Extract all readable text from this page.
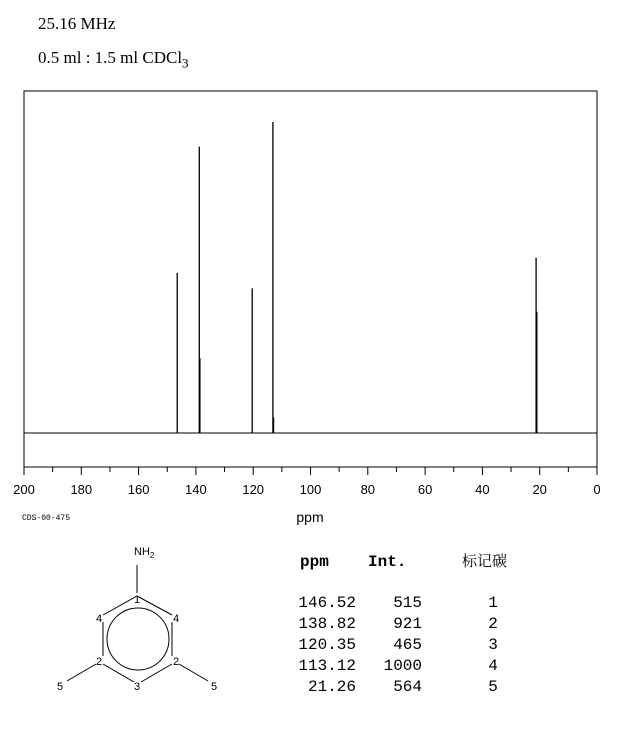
25.16 MHz
0.5 ml : 1.5 ml CDCl$_3$
200	180	160	140	120	100	80	60	40	20	0
ppm
CDS-00-475
$NH_2$
1
2	2
3
4	4
5	5
ppm Int.	标记碳
146.52 515	1
138.82 921	2
120.35 465	3
113.12 1000	4
21.26 564	5
